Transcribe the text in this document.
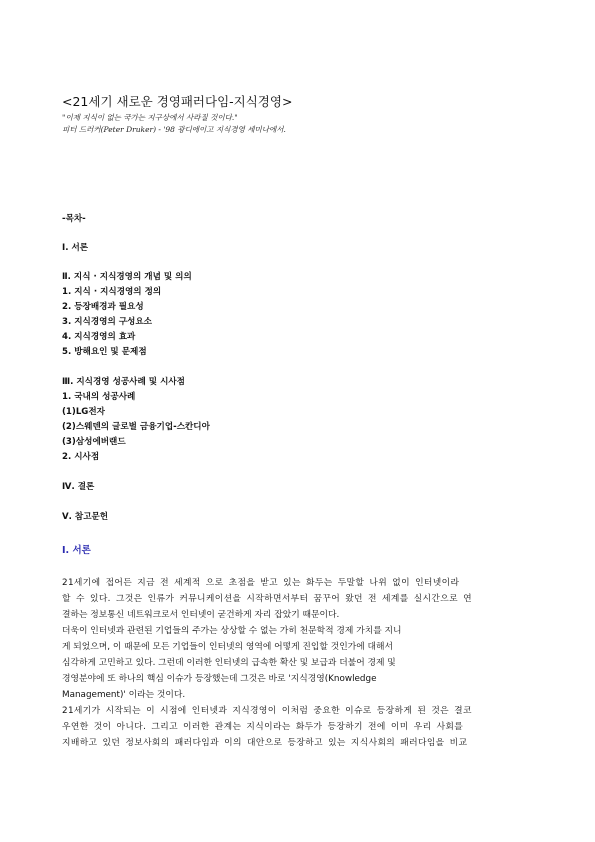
<21세기 새로운 경영패러다임-지식경영>
"이제 지식이 없는 국가는 지구상에서 사라질 것이다."
피터 드러커(Peter Druker) - '98 광디에이고 지식경영 세미나에서.
-목차-
Ⅰ. 서론
Ⅱ. 지식 · 지식경영의 개념 및 의의
1. 지식 · 지식경영의 정의
2. 등장배경과 필요성
3. 지식경영의 구성요소
4. 지식경영의 효과
5. 방해요인 및 문제점
Ⅲ. 지식경영 성공사례 및 시사점
1. 국내의 성공사례
(1)LG전자
(2)스웨덴의 글로벌 금융기업-스칸디아
(3)삼성에버랜드
2. 시사점
Ⅳ. 결론
Ⅴ. 참고문헌
Ⅰ. 서론
21세기에 접어든 지금 전 세계적 으로 초점을 받고 있는 화두는 두말할 나위 없이 인터넷이라
할 수 있다. 그것은 인류가 커뮤니케이션을 시작하면서부터 꿈꾸어 왔던 전 세계를 실시간으로 연
결하는 정보통신 네트워크로서 인터넷이 굳건하게 자리 잡았기 때문이다.
더욱이 인터넷과 관련된 기업들의 주가는 상상할 수 없는 가히 천문학적 경제 가치를 지니
게 되었으며, 이 때문에 모든 기업들이 인터넷의 영역에 어떻게 진입할 것인가에 대해서
심각하게 고민하고 있다. 그런데 이러한 인터넷의 급속한 확산 및 보급과 더불어 경제 및
경영분야에 또 하나의 핵심 이슈가 등장했는데 그것은 바로 '지식경영(Knowledge
Management)' 이라는 것이다.
21세기가 시작되는 이 시점에 인터넷과 지식경영이 이처럼 중요한 이슈로 등장하게 된 것은 결코
우연한 것이 아니다. 그리고 이러한 관계는 지식이라는 화두가 등장하기 전에 이미 우리 사회를
지배하고 있던 정보사회의 패러다임과 이의 대안으로 등장하고 있는 지식사회의 패러다임을 비교
